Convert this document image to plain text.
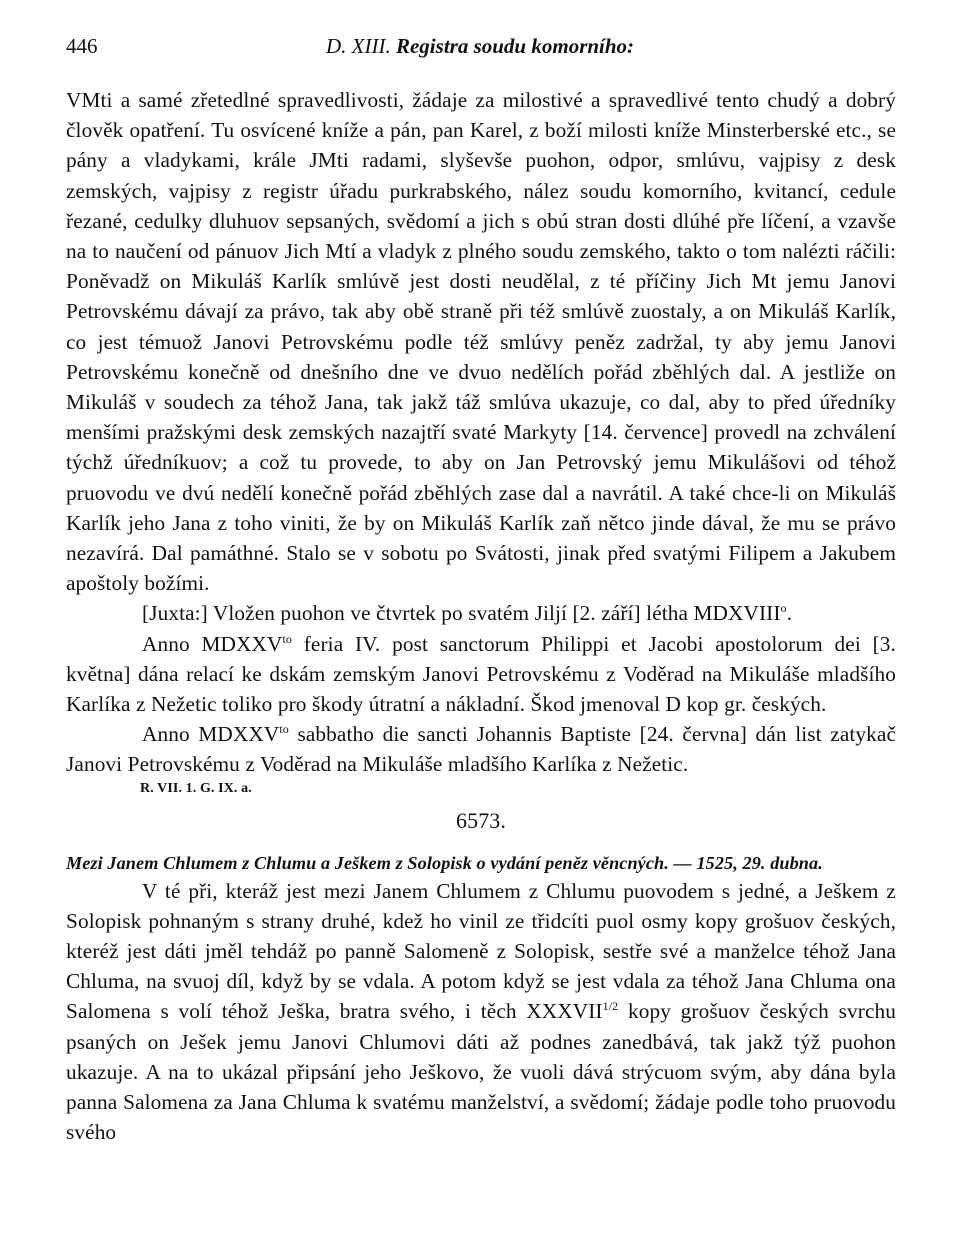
446	D. XIII. Registra soudu komorního:

VMti a samé zřetedlné spravedlivosti, žádaje za milostivé a spravedlivé tento chudý a dobrý člověk opatření. Tu osvícené kníže a pán, pan Karel, z boží milosti kníže Minsterberské etc., se pány a vladykami, krále JMti radami, slyševše puohon, odpor, smlúvu, vajpisy z desk zemských, vajpisy z registr úřadu purkrabského, nález soudu komorního, kvitancí, cedule řezané, cedulky dluhuov sepsaných, svědomí a jich s obú stran dosti dlúhé pře líčení, a vzavše na to naučení od pánuov Jich Mtí a vladyk z plného soudu zemského, takto o tom nalézti ráčili: Poněvadž on Mikuláš Karlík smlúvě jest dosti neudělal, z té příčiny Jich Mt jemu Janovi Petrovskému dávají za právo, tak aby obě straně při též smlúvě zuostaly, a on Mikuláš Karlík, co jest témuož Janovi Petrovskému podle též smlúvy peněz zadržal, ty aby jemu Janovi Petrovskému konečně od dnešního dne ve dvuo nedělích pořád zběhlých dal. A jestliže on Mikuláš v soudech za téhož Jana, tak jakž táž smlúva ukazuje, co dal, aby to před úředníky menšími pražskými desk zemských nazajtří svaté Markyty [14. července] provedl na zchválení týchž úředníkuov; a což tu provede, to aby on Jan Petrovský jemu Mikulášovi od téhož pruovodu ve dvú nedělí konečně pořád zběhlých zase dal a navrátil. A také chce-li on Mikuláš Karlík jeho Jana z toho viniti, že by on Mikuláš Karlík zaň nětco jinde dával, že mu se právo nezavírá. Dal památhné. Stalo se v sobotu po Svátosti, jinak před svatými Filipem a Jakubem apoštoly božími.

[Juxta:] Vložen puohon ve čtvrtek po svatém Jiljí [2. září] létha MDXVIII$^o$.

Anno $MDXXV^{to}$ feria IV. post sanctorum Philippi et Jacobi apostolorum dei [3. května] dána relací ke dskám zemským Janovi Petrovskému z Voděrad na Mikuláše mladšího Karlíka z Nežetic toliko pro škody útratní a nákladní. Škod jmenoval D kop gr. českých.

Anno $MDXXV^{to}$ sabbatho die sancti Johannis Baptiste [24. června] dán list zatykač Janovi Petrovskému z Voděrad na Mikuláše mladšího Karlíka z Nežetic.

R. VII. 1. G. IX. a.
6573.
Mezi Janem Chlumem z Chlumu a Ješkem z Solopisk o vydání peněz věncných. — 1525, 29. dubna.

V té při, kteráž jest mezi Janem Chlumem z Chlumu puovodem s jedné, a Ješkem z Solopisk pohnaným s strany druhé, kdež ho vinil ze třidcíti puol osmy kopy grošuov českých, kteréž jest dáti jměl tehdáž po panně Salomeně z Solopisk, sestře své a manželce téhož Jana Chluma, na svuoj díl, když by se vdala. A potom když se jest vdala za téhož Jana Chluma ona Salomena s volí téhož Ješka, bratra svého, i těch $XXXVII^{1/2}$ kopy grošuov českých svrchu psaných on Ješek jemu Janovi Chlumovi dáti až podnes zanedbává, tak jakž týž puohon ukazuje. A na to ukázal připsání jeho Ješkovo, že vuoli dává strýcuom svým, aby dána byla panna Salomena za Jana Chluma k svatému manželství, a svědomí; žádaje podle toho pruovodu svého
